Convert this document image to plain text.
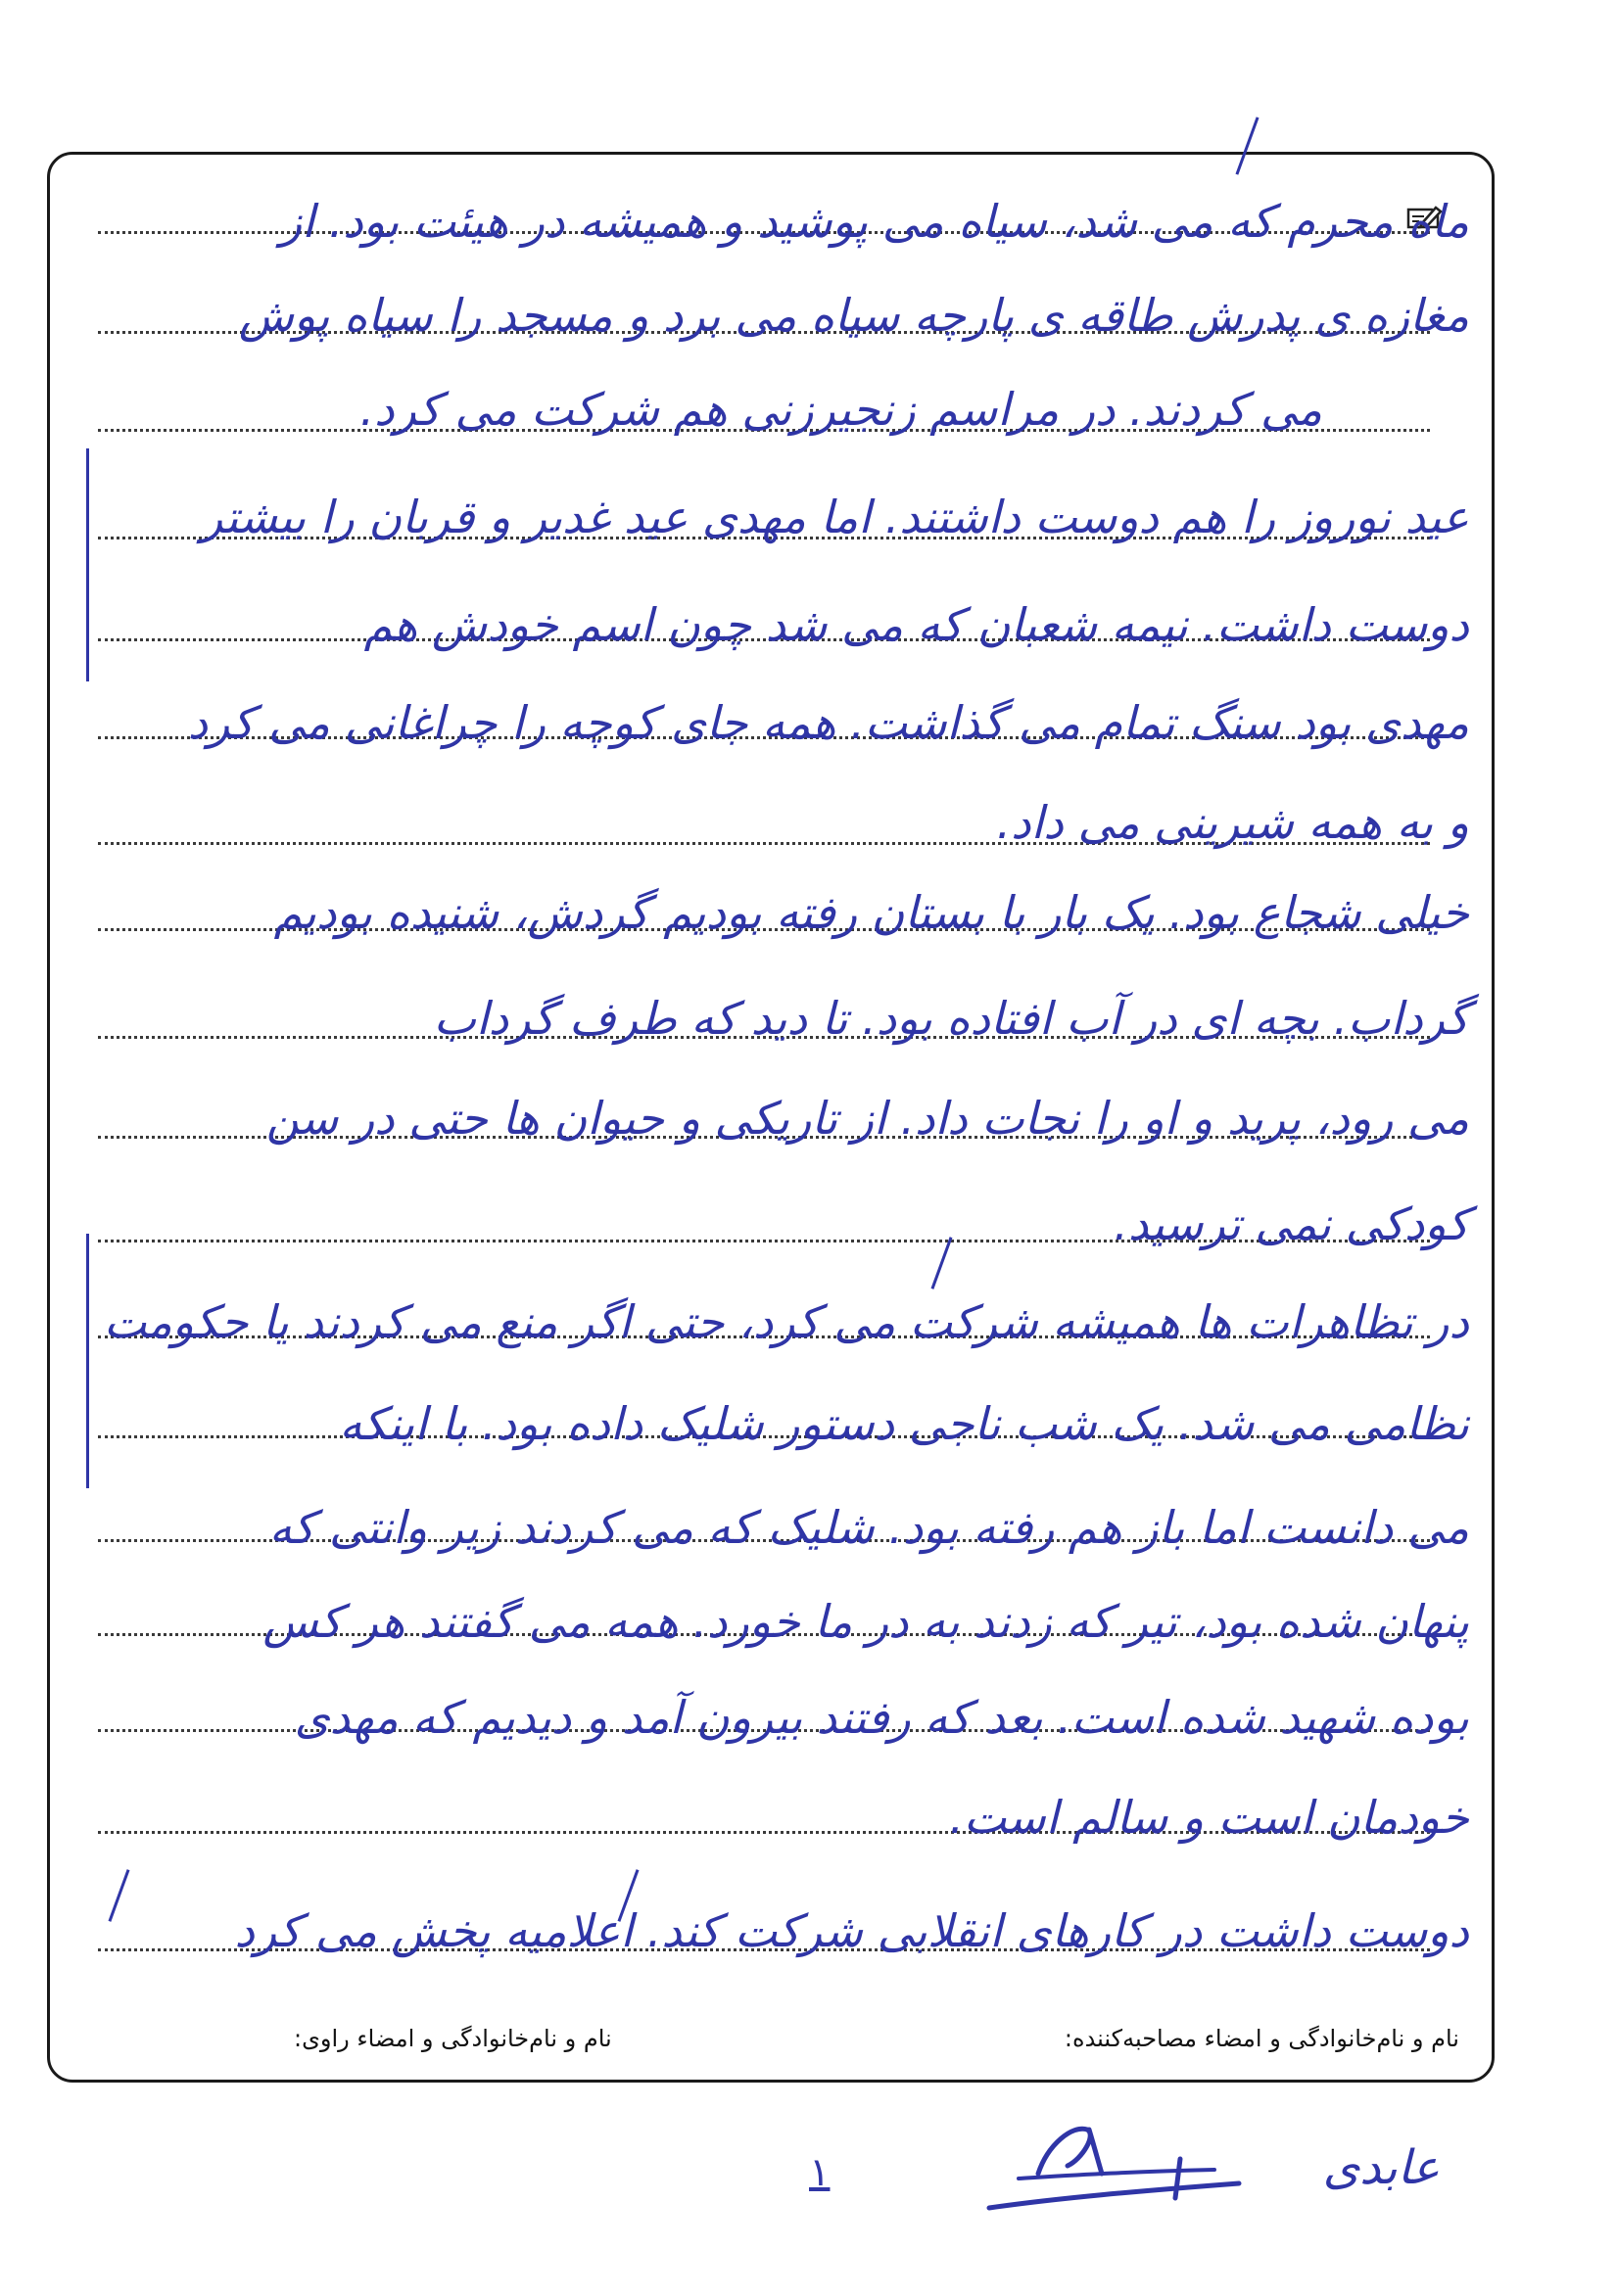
ماه محرم که می شد، سیاه می پوشید و همیشه در هیئت بود. از
مغازه ی پدرش طاقه ی پارچه سیاه می برد و مسجد را سیاه پوش
می کردند. در مراسم زنجیرزنی هم شرکت می کرد.
عید نوروز را هم دوست داشتند. اما مهدی عید غدیر و قربان را بیشتر
دوست داشت. نیمه شعبان که می شد چون اسم خودش هم
مهدی بود سنگ تمام می گذاشت. همه جای کوچه را چراغانی می کرد
و به همه شیرینی می داد.
خیلی شجاع بود. یک بار با بستان رفته بودیم گردش، شنیده بودیم
گرداب. بچه ای در آب افتاده بود. تا دید که طرف گرداب
می رود، پرید و او را نجات داد. از تاریکی و حیوان ها حتی در سن
کودکی نمی ترسید.
در تظاهرات ها همیشه شرکت می کرد، حتی اگر منع می کردند یا حکومت
نظامی می شد. یک شب ناجی دستور شلیک داده بود. با اینکه
می دانست اما باز هم رفته بود. شلیک که می کردند زیر وانتی که
پنهان شده بود، تیر که زدند به در ما خورد. همه می گفتند هر کس
بوده شهید شده است. بعد که رفتند بیرون آمد و دیدیم که مهدی
خودمان است و سالم است.
دوست داشت در کارهای انقلابی شرکت کند. اعلامیه پخش می کرد
نام و نام‌خانوادگی و امضاء مصاحبه‌کننده:
نام و نام‌خانوادگی و امضاء راوی:
۱	عابدی
